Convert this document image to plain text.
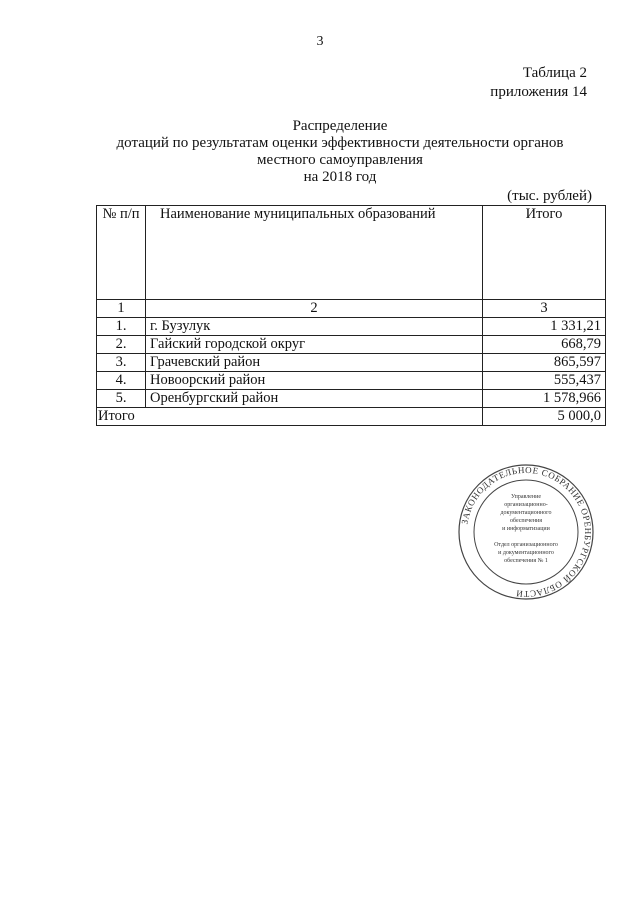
3
Таблица 2
приложения 14
Распределение
дотаций по результатам оценки эффективности деятельности органов
местного самоуправления
на 2018 год
(тыс. рублей)
№ п/п	Наименование муниципальных образований	Итого
1	2	3
1.	г. Бузулук	1 331,21
2.	Гайский городской округ	668,79
3.	Грачевский район	865,597
4.	Новоорский район	555,437
5.	Оренбургский район	1 578,966
Итого		5 000,0
ЗАКОНОДАТЕЛЬНОЕ СОБРАНИЕ ОРЕНБУРГСКОЙ ОБЛАСТИ
Управление
организационно-
документационного
обеспечения
и информатизации
Отдел организационного
и документационного
обеспечения № 1
